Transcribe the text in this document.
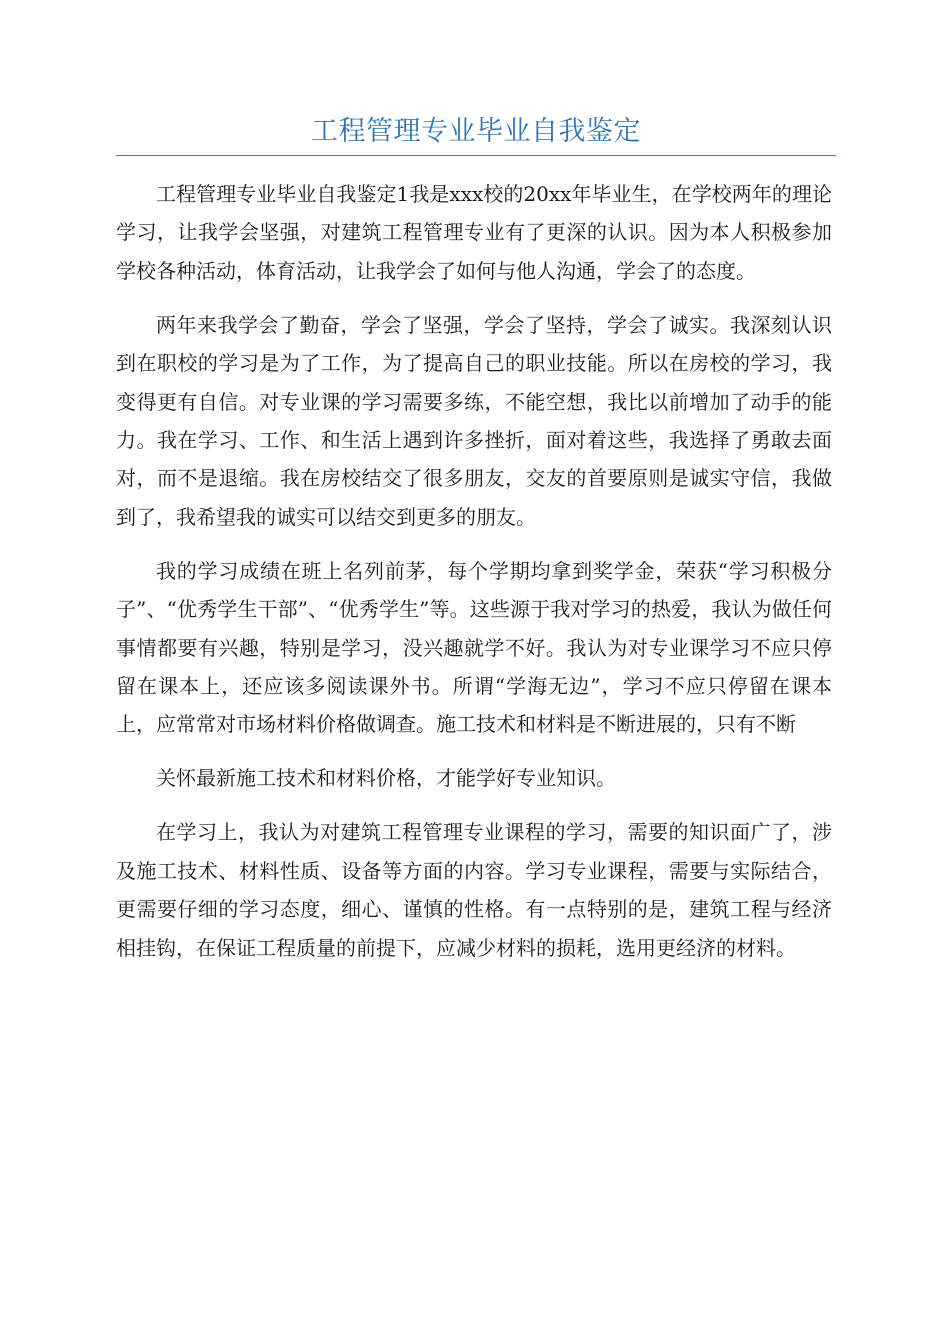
工程管理专业毕业自我鉴定

工程管理专业毕业自我鉴定1我是xxx校的20xx年毕业生，在学校两年的理论学习，让我学会坚强，对建筑工程管理专业有了更深的认识。因为本人积极参加学校各种活动，体育活动，让我学会了如何与他人沟通，学会了的态度。

两年来我学会了勤奋，学会了坚强，学会了坚持，学会了诚实。我深刻认识到在职校的学习是为了工作，为了提高自己的职业技能。所以在房校的学习，我变得更有自信。对专业课的学习需要多练，不能空想，我比以前增加了动手的能力。我在学习、工作、和生活上遇到许多挫折，面对着这些，我选择了勇敢去面对，而不是退缩。我在房校结交了很多朋友，交友的首要原则是诚实守信，我做到了，我希望我的诚实可以结交到更多的朋友。

我的学习成绩在班上名列前茅，每个学期均拿到奖学金，荣获“学习积极分子”、“优秀学生干部”、“优秀学生”等。这些源于我对学习的热爱，我认为做任何事情都要有兴趣，特别是学习，没兴趣就学不好。我认为对专业课学习不应只停留在课本上，还应该多阅读课外书。所谓“学海无边”，学习不应只停留在课本上，应常常对市场材料价格做调查。施工技术和材料是不断进展的，只有不断

关怀最新施工技术和材料价格，才能学好专业知识。

在学习上，我认为对建筑工程管理专业课程的学习，需要的知识面广了，涉及施工技术、材料性质、设备等方面的内容。学习专业课程，需要与实际结合，更需要仔细的学习态度，细心、谨慎的性格。有一点特别的是，建筑工程与经济相挂钩，在保证工程质量的前提下，应减少材料的损耗，选用更经济的材料。
